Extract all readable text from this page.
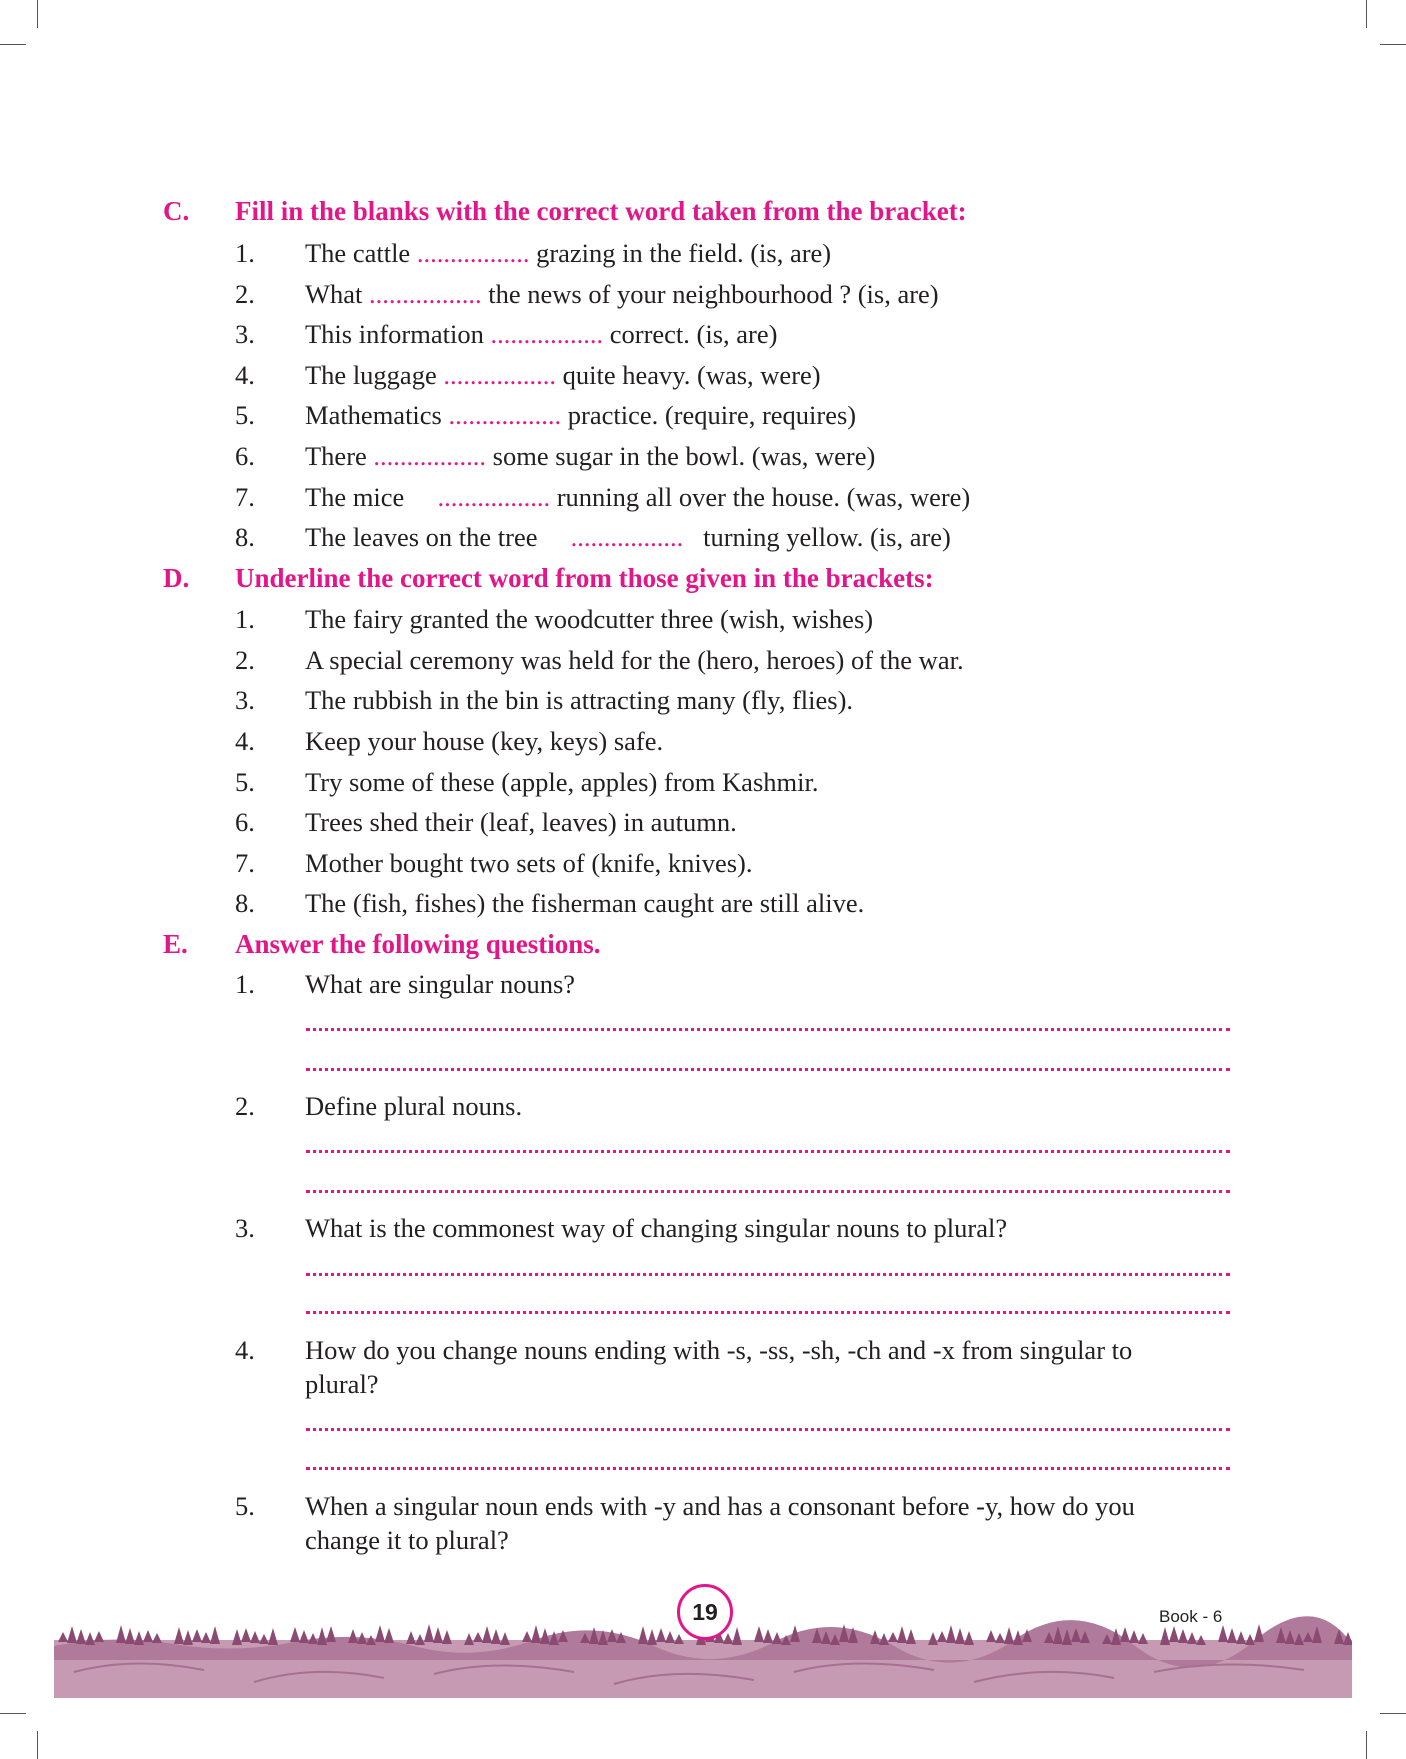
C. Fill in the blanks with the correct word taken from the bracket:
1.	The cattle ................. grazing in the field. (is, are)
2.	What ................. the news of your neighbourhood ? (is, are)
3.	This information ................. correct. (is, are)
4.	The luggage ................. quite heavy. (was, were)
5.	Mathematics ................. practice. (require, requires)
6.	There ................. some sugar in the bowl. (was, were)
7.	The mice     ................. running all over the house. (was, were)
8.	The leaves on the tree     .................   turning yellow. (is, are)
D. Underline the correct word from those given in the brackets:
1.	The fairy granted the woodcutter three (wish, wishes)
2.	A special ceremony was held for the (hero, heroes) of the war.
3.	The rubbish in the bin is attracting many (fly, flies).
4.	Keep your house (key, keys) safe.
5.	Try some of these (apple, apples) from Kashmir.
6.	Trees shed their (leaf, leaves) in autumn.
7.	Mother bought two sets of (knife, knives).
8.	The (fish, fishes) the fisherman caught are still alive.
E. Answer the following questions.
1.	What are singular nouns?
2.	Define plural nouns.
3.	What is the commonest way of changing singular nouns to plural?
4.	How do you change nouns ending with -s, -ss, -sh, -ch and -x from singular to
plural?
5.	When a singular noun ends with -y and has a consonant before -y, how do you
change it to plural?
19	Book - 6
